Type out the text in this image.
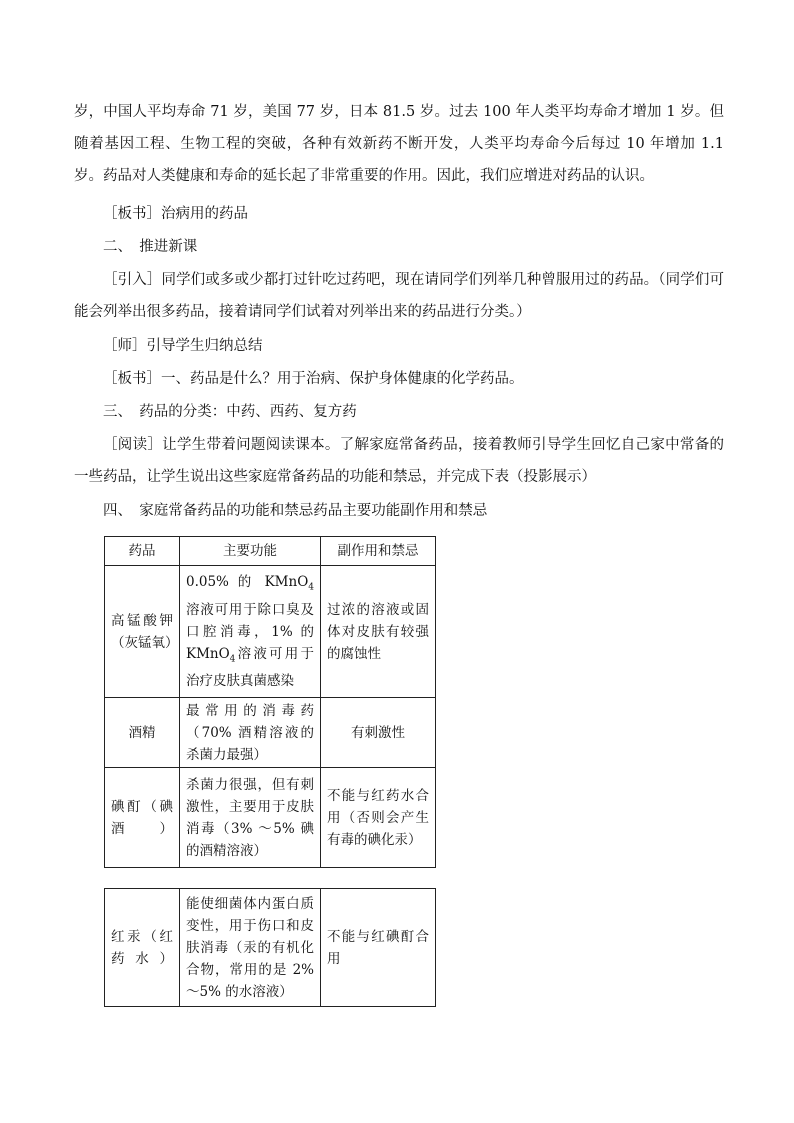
岁，中国人平均寿命 71 岁，美国 77 岁，日本 81.5 岁。过去 100 年人类平均寿命才增加 1 岁。但随着基因工程、生物工程的突破，各种有效新药不断开发，人类平均寿命今后每过 10 年增加 1.1 岁。药品对人类健康和寿命的延长起了非常重要的作用。因此，我们应增进对药品的认识。
［板书］治病用的药品
二、　推进新课
［引入］同学们或多或少都打过针吃过药吧，现在请同学们列举几种曾服用过的药品。（同学们可能会列举出很多药品，接着请同学们试着对列举出来的药品进行分类。）
［师］引导学生归纳总结
［板书］一、药品是什么？用于治病、保护身体健康的化学药品。
三、　药品的分类：中药、西药、复方药
［阅读］让学生带着问题阅读课本。了解家庭常备药品，接着教师引导学生回忆自己家中常备的一些药品，让学生说出这些家庭常备药品的功能和禁忌，并完成下表（投影展示）
四、　家庭常备药品的功能和禁忌药品主要功能副作用和禁忌
药品	主要功能	副作用和禁忌
高锰酸钾（灰锰氧）	0.05% 的 KMnO$_4$ 溶液可用于除口臭及口腔消毒，1% 的 KMnO$_4$溶液可用于治疗皮肤真菌感染	过浓的溶液或固体对皮肤有较强的腐蚀性
酒精	最常用的消毒药（70% 酒精溶液的杀菌力最强）	有刺激性
碘酊（碘酒）	杀菌力很强，但有刺激性，主要用于皮肤消毒（3% ～5% 碘的酒精溶液）	不能与红药水合用（否则会产生有毒的碘化汞）
红汞（红药水）	能使细菌体内蛋白质变性，用于伤口和皮肤消毒（汞的有机化合物，常用的是 2% ～5% 的水溶液）	不能与红碘酊合用
